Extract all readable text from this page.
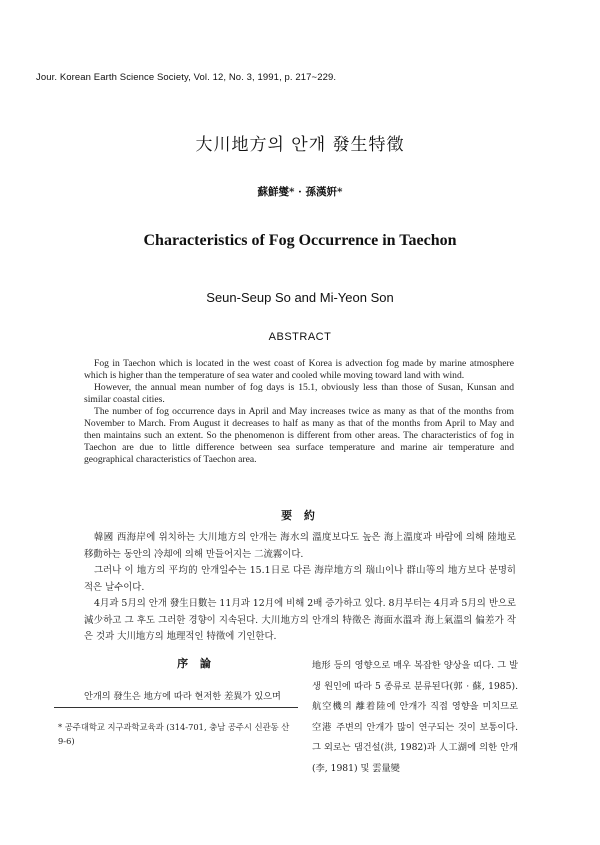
Jour. Korean Earth Science Society, Vol. 12, No. 3, 1991, p. 217~229.
大川地方의 안개 發生特徵
蘇鮮燮* · 孫漢姸*
Characteristics of Fog Occurrence in Taechon
Seun-Seup So and Mi-Yeon Son
ABSTRACT

Fog in Taechon which is located in the west coast of Korea is advection fog made by marine atmosphere which is higher than the temperature of sea water and cooled while moving toward land with wind.

However, the annual mean number of fog days is 15.1, obviously less than those of Susan, Kunsan and similar coastal cities.

The number of fog occurrence days in April and May increases twice as many as that of the months from November to March. From August it decreases to half as many as that of the months from April to May and then maintains such an extent. So the phenomenon is different from other areas. The characteristics of fog in Taechon are due to little difference between sea surface temperature and marine air temperature and geographical characteristics of Taechon area.

要 約

韓國 西海岸에 위치하는 大川地方의 안개는 海水의 溫度보다도 높은 海上溫度과 바람에 의해 陸地로 移動하는 동안의 冷却에 의해 만들어지는 二流霧이다.

그러나 이 地方의 平均的 안개일수는 15.1日로 다른 海岸地方의 瑞山이나 群山等의 地方보다 분명히 적은 날수이다.

4月과 5月의 안개 發生日數는 11月과 12月에 비해 2배 증가하고 있다. 8月부터는 4月과 5月의 반으로 減少하고 그 후도 그러한 경향이 지속된다. 大川地方의 안개의 特徵은 海面水溫과 海上氣溫의 偏差가 작은 것과 大川地方의 地理적인 特徵에 기인한다.

序 論
안개의 發生은 地方에 따라 현저한 差異가 있으며
* 공주대학교 지구과학교육과 (314-701, 충남 공주시 신관동 산 9-6)
地形 등의 영향으로 매우 복잡한 양상을 띠다. 그 발생 원인에 따라 5 종류로 분류된다(郭 · 蘇, 1985). 航空機의 離着陸에 안개가 직접 영향을 미치므로 空港 주변의 안개가 많이 연구되는 것이 보통이다. 그 외로는 댐건설(洪, 1982)과 人工湖에 의한 안개(李, 1981) 및 雲量變
